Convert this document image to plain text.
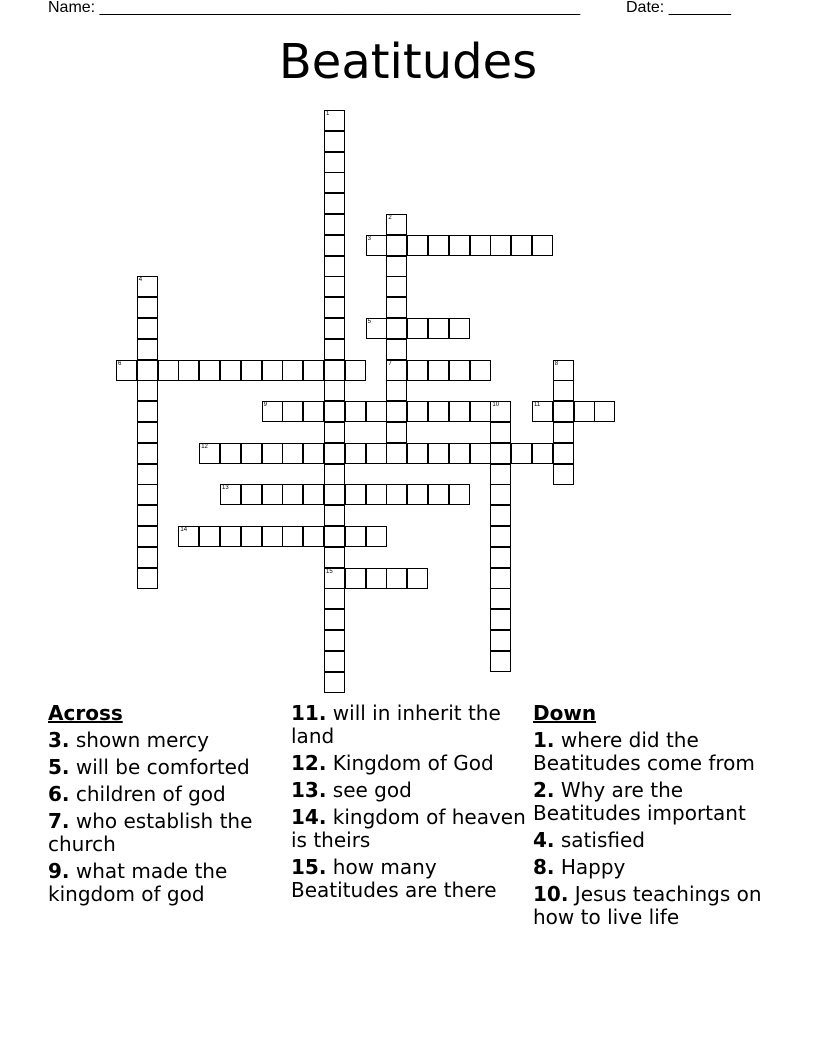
Name: ______________________________________________________	Date: _______
Beatitudes
1
15
2
7
3
4
5
6	8
9	10	11
12
13
14
Across
3. shown mercy
5. will be comforted
6. children of god
7. who establish the church
9. what made the kingdom of god
11. will in inherit the land
12. Kingdom of God
13. see god
14. kingdom of heaven is theirs
15. how many Beatitudes are there
Down
1. where did the Beatitudes come from
2. Why are the Beatitudes important
4. satisfied
8. Happy
10. Jesus teachings on how to live life
